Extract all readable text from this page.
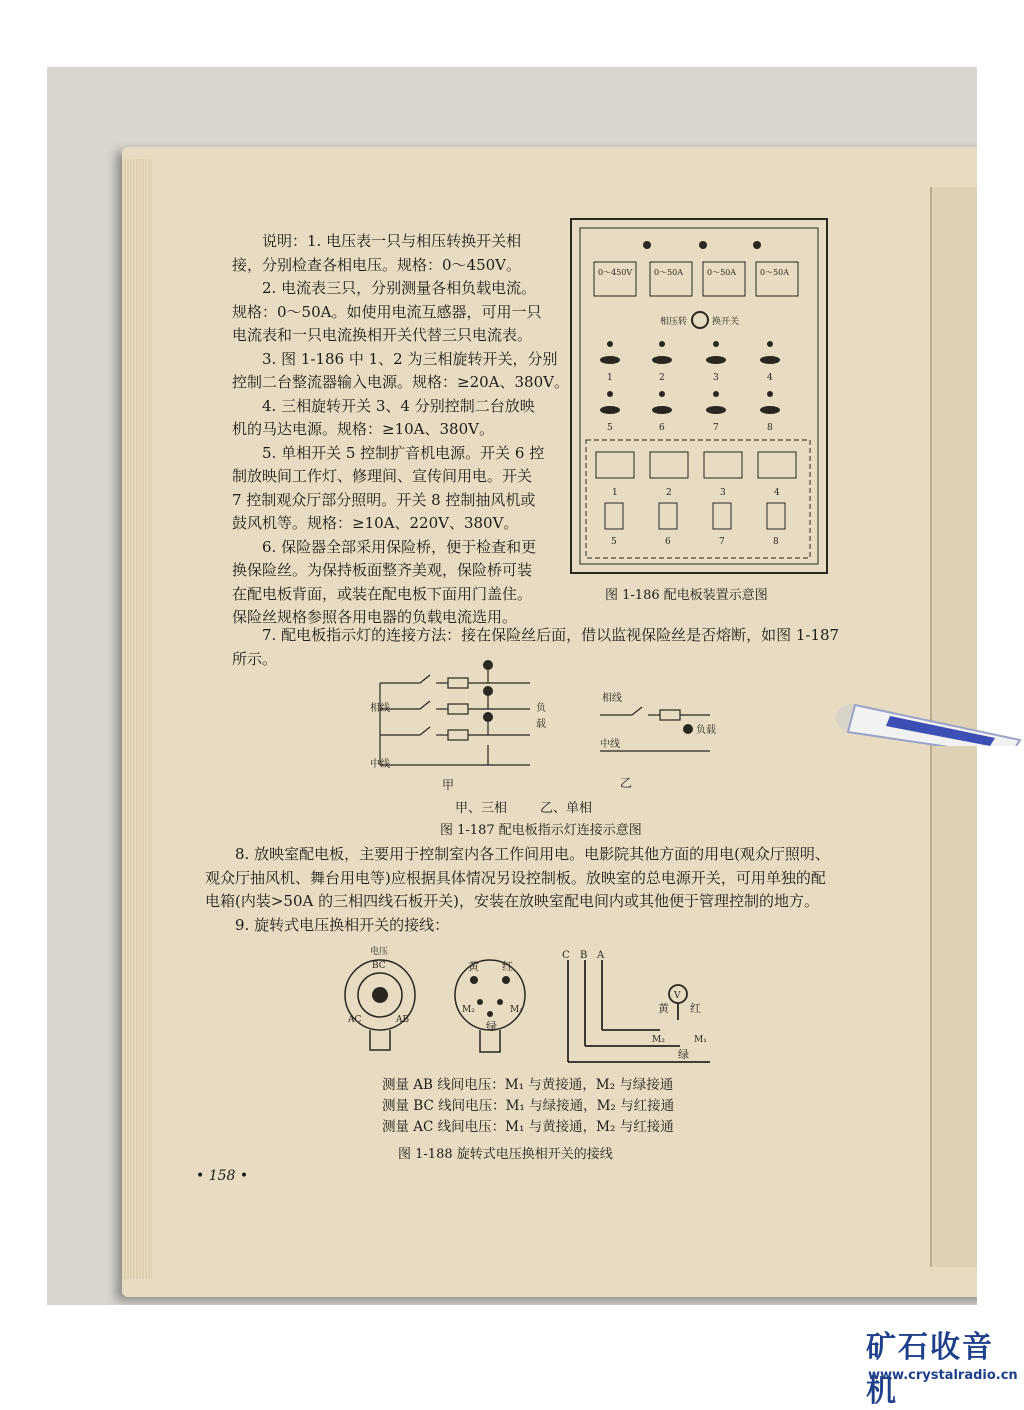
说明：1. 电压表一只与相压转换开关相
接，分别检查各相电压。规格：0～450V。
2. 电流表三只，分别测量各相负载电流。
规格：0～50A。如使用电流互感器，可用一只
电流表和一只电流换相开关代替三只电流表。
3. 图 1-186 中 1、2 为三相旋转开关，分别
控制二台整流器输入电源。规格：≥20A、380V。
4. 三相旋转开关 3、4 分别控制二台放映
机的马达电源。规格：≥10A、380V。
5. 单相开关 5 控制扩音机电源。开关 6 控
制放映间工作灯、修理间、宣传间用电。开关
7 控制观众厅部分照明。开关 8 控制抽风机或
鼓风机等。规格：≥10A、220V、380V。
6. 保险器全部采用保险桥，便于检查和更
换保险丝。为保持板面整齐美观，保险桥可装
在配电板背面，或装在配电板下面用门盖住。
保险丝规格参照各用电器的负载电流选用。
0～450V	0～50A	0～50A	0～50A
相压转	换开关
1	2	3	4
5	6	7	8
1	2	3	4
5	6	7	8
图 1-186 配电板装置示意图
7. 配电板指示灯的连接方法：接在保险丝后面，借以监视保险丝是否熔断，如图 1-187
所示。
相线
中线
负
载
甲
相线
中线
负载
乙
甲、三相        乙、单相
图 1-187 配电板指示灯连接示意图
8. 放映室配电板，主要用于控制室内各工作间用电。电影院其他方面的用电(观众厅照明、
观众厅抽风机、舞台用电等)应根据具体情况另设控制板。放映室的总电源开关，可用单独的配
电箱(内装>50A 的三相四线石板开关)，安装在放映室配电间内或其他便于管理控制的地方。
9. 旋转式电压换相开关的接线：
电压
BC
AC	AB
黄 红
绿
M₂	M₁
C B A
V
黄 红
绿
M₂	M₁
测量 AB 线间电压：M₁ 与黄接通，M₂ 与绿接通
测量 BC 线间电压：M₁ 与绿接通，M₂ 与红接通
测量 AC 线间电压：M₁ 与黄接通，M₂ 与红接通
图 1-188 旋转式电压换相开关的接线
• 158 •
矿石收音机
www.crystalradio.cn
